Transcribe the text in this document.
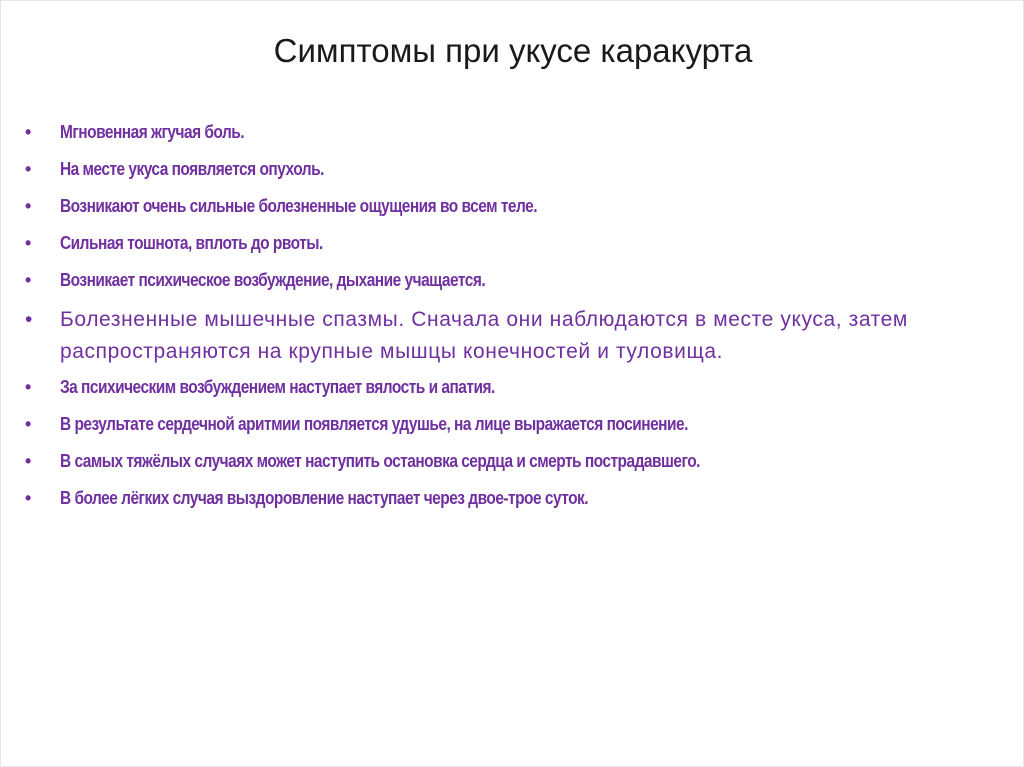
Симптомы при укусе каракурта
•	Мгновенная жгучая боль.
•	На месте укуса появляется опухоль.
•	Возникают очень сильные болезненные ощущения во всем теле.
•	Сильная тошнота, вплоть до рвоты.
•	Возникает психическое возбуждение, дыхание учащается.
•	Болезненные мышечные спазмы. Сначала они наблюдаются в месте укуса, затем распространяются на крупные мышцы конечностей и туловища.
•	За психическим возбуждением наступает вялость и апатия.
•	В результате сердечной аритмии появляется удушье, на лице выражается посинение.
•	В самых тяжёлых случаях может наступить остановка сердца и смерть пострадавшего.
•	В более лёгких случая выздоровление наступает через двое-трое суток.
